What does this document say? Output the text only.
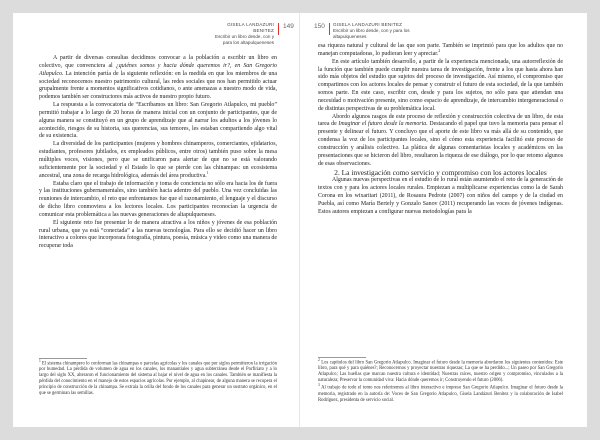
GISELA LANDAZURI BENITEZ
Escribir un libro desde, con y para los altapulqueneses
149

A partir de diversas consultas decidimos convocar a la población a escribir un libro en colectivo, que convenciera al ¿quiénes somos y hacia dónde queremos ir?, en San Gregorio Atlapulco. La intención partía de la siguiente reflexión: en la medida en que los miembros de una sociedad reconocemos nuestro patrimonio cultural, las redes sociales que nos han permitido actuar grupalmente frente a momentos significativos cotidianos, o ante amenazas a nuestro modo de vida, podemos también ser constructores más activos de nuestro propio futuro.

La respuesta a la convocatoria de “Escribamos un libro: San Gregorio Atlapulco, mi pueblo” permitió trabajar a lo largo de 20 horas de manera inicial con un conjunto de participantes, que de alguna manera se constituyó en un grupo de aprendizaje que al narrar los adultos a los jóvenes lo acontecido, riesgos de su historia, sus querencias, sus temores, les estaban compartiendo algo vital de su existencia.

La diversidad de los participantes (mujeres y hombres chinamperos, comerciantes, ejidatarios, estudiantes, profesores jubilados, ex empleados públicos, entre otros) también puso sobre la mesa múltiples voces, visiones, pero que se unificaron para alertar de que no se está valorando suficientemente por la sociedad y el Estado lo que se pierde con las chinampas: un ecosistema ancestral, una zona de recarga hidrológica, además del área productiva.$^1$

Estaba claro que el trabajo de información y toma de conciencia no sólo era hacia los de fuera y las instituciones gubernamentales, sino también hacia adentro del pueblo. Una vez concluidas las reuniones de intercambio, el reto que enfrentamos fue que el razonamiento, el lenguaje y el discurso de dicho libro conmoviera a los lectores locales. Los participantes reconocían la urgencia de comunicar esta problemática a las nuevas generaciones de altapulqueneses.

El siguiente reto fue presentar lo de manera atractiva a los niños y jóvenes de esa población rural urbana, que ya está “conectada” a las nuevas tecnologías. Para ello se decidió hacer un libro interactivo a colores que incorporara fotografía, pintura, poesía, música y video como una manera de recuperar toda

$^1$ El sistema chinampero lo conforman las chinampas o parcelas agrícolas y los canales que por siglos permitieron la irrigación por humedad. La pérdida de volumen de agua en los canales, los manantiales y agua subterránea desde el Porfiriato y a lo largo del siglo XX, alteraron el funcionamiento del sistema al bajar el nivel de agua en los canales. También se manifiesta la pérdida del conocimiento en el manejo de estos espacios agrícolas. Por ejemplo, al chapinear, de alguna manera se recupera el principio de construcción de la chinampa. Se extraía la orilla del fondo de los canales para generar un sustrato orgánico, en el que se germinan las semillas.

150 GISELA LANDAZURI BENITEZ
Escribir un libro desde, con y para los altapulqueneses

esa riqueza natural y cultural de las que son parte. También se imprimió para que los adultos que no manejan computadoras, lo pudieran leer y apreciar.$^2$

En este artículo también desarrollo, a partir de la experiencia mencionada, una autorreflexión de la función que también puede cumplir nuestra tarea de investigación, frente a los que hasta ahora han sido más objetos del estudio que sujetos del proceso de investigación. Así mismo, el compromiso que compartimos con los actores locales de pensar y construir el futuro de esta sociedad, de la que también somos parte. En este caso, escribir con, desde y para los sujetos, no sólo para que atiendan una necesidad o motivación presente, sino como espacio de aprendizaje, de intercambio intergeneracional o de distintas perspectivas de su problemática local.

Abordo algunos rasgos de este proceso de reflexión y construcción colectiva de un libro, de esta tarea de Imaginar el futuro desde la memoria. Destacando el papel que tuvo la memoria para pensar el presente y delinear el futuro. Y concluyo que el aporte de este libro va más allá de su contenido, que condensa la voz de los participantes locales, sino el cómo esta experiencia facilitó este proceso de construcción y análisis colectivo. La plática de algunas comentaristas locales y académicos en las presentaciones que se hicieron del libro, resultaron la riqueza de ese diálogo, por lo que retomo algunos de esas observaciones.

2. La investigación como servicio y compromiso con los actores locales

Algunas nuevas perspectivas en el estudio de lo rural están asumiendo el reto de la generación de textos con y para los actores locales rurales. Empiezan a multiplicarse experiencias como la de Sarah Corona en los wixaritari (2011), de Rosaura Pedrote (2007) con niños del campo y de la ciudad en Puebla, así como María Bertely y Gonzalo Sanov (2011) recuperando las voces de jóvenes indígenas. Estos autores empiezan a configurar nuevas metodologías para la

$^2$ Los capítulos del libro San Gregorio Atlapulco. Imaginar el futuro desde la memoria abordaron los siguientes contenidos: Este libro, para qué y para quiénes?; Reconocernos y proyectar nuestras riquezas; La que se ha perdido...; Un paseo por San Gregorio Atlapulco; Las huellas que marcan nuestra cultura e identidad; Nuestras raíces, nuestro origen y compromiso, vinculados a la naturaleza; Preservar la comunidad viva: Hacia dónde queremos ir; Construyendo el futuro (2006).

$^3$ Al trabajo de todo el tomo nos referiremos al libro interactivo e impreso San Gregorio Atlapulco. Imaginar el futuro desde la memoria, registrado en la autoría de: Voces de San Gregorio Atlapulco, Gisela Landázuri Benítez y la colaboración de Isabel Rodríguez, presidenta de servicio social.
